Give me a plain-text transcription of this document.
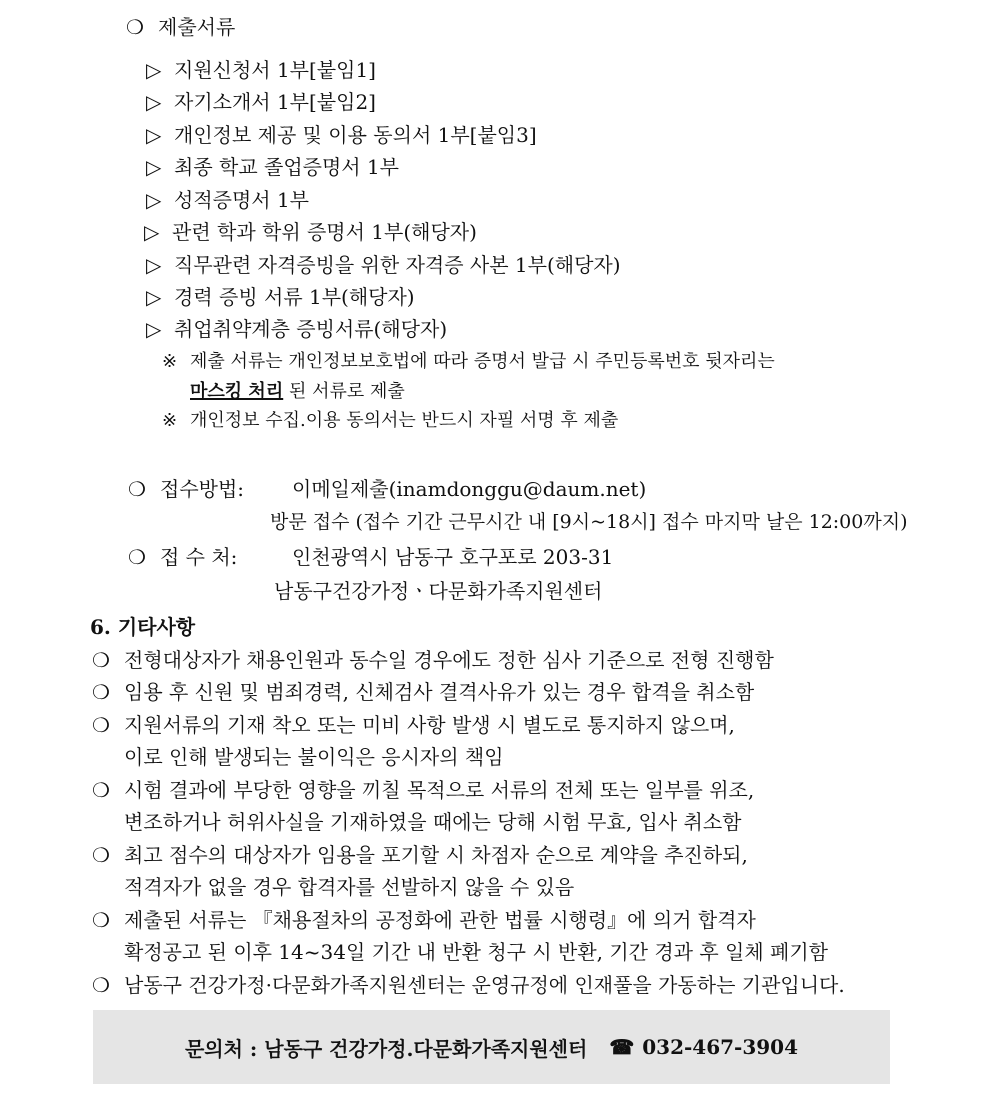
❍ 제출서류
▷ 지원신청서 1부[붙임1]
▷ 자기소개서 1부[붙임2]
▷ 개인정보 제공 및 이용 동의서 1부[붙임3]
▷ 최종 학교 졸업증명서 1부
▷ 성적증명서 1부
▷ 관련 학과 학위 증명서 1부(해당자)
▷ 직무관련 자격증빙을 위한 자격증 사본 1부(해당자)
▷ 경력 증빙 서류 1부(해당자)
▷ 취업취약계층 증빙서류(해당자)
※ 제출 서류는 개인정보보호법에 따라 증명서 발급 시 주민등록번호 뒷자리는
마스킹 처리 된 서류로 제출
※ 개인정보 수집.이용 동의서는 반드시 자필 서명 후 제출
❍ 접수방법: 이메일제출(inamdonggu@daum.net)
방문 접수 (접수 기간 근무시간 내 [9시~18시] 접수 마지막 날은 12:00까지)
❍ 접 수 처:	인천광역시 남동구 호구포로 203-31
남동구건강가정ㆍ다문화가족지원센터
6. 기타사항
❍ 전형대상자가 채용인원과 동수일 경우에도 정한 심사 기준으로 전형 진행함
❍ 임용 후 신원 및 범죄경력, 신체검사 결격사유가 있는 경우 합격을 취소함
❍ 지원서류의 기재 착오 또는 미비 사항 발생 시 별도로 통지하지 않으며,
이로 인해 발생되는 불이익은 응시자의 책임
❍ 시험 결과에 부당한 영향을 끼칠 목적으로 서류의 전체 또는 일부를 위조,
변조하거나 허위사실을 기재하였을 때에는 당해 시험 무효, 입사 취소함
❍ 최고 점수의 대상자가 임용을 포기할 시 차점자 순으로 계약을 추진하되,
적격자가 없을 경우 합격자를 선발하지 않을 수 있음
❍ 제출된 서류는 『채용절차의 공정화에 관한 법률 시행령』에 의거 합격자
확정공고 된 이후 14~34일 기간 내 반환 청구 시 반환, 기간 경과 후 일체 폐기함
❍ 남동구 건강가정·다문화가족지원센터는 운영규정에 인재풀을 가동하는 기관입니다.
문의처 : 남동구 건강가정.다문화가족지원센터 ☎ 032-467-3904
